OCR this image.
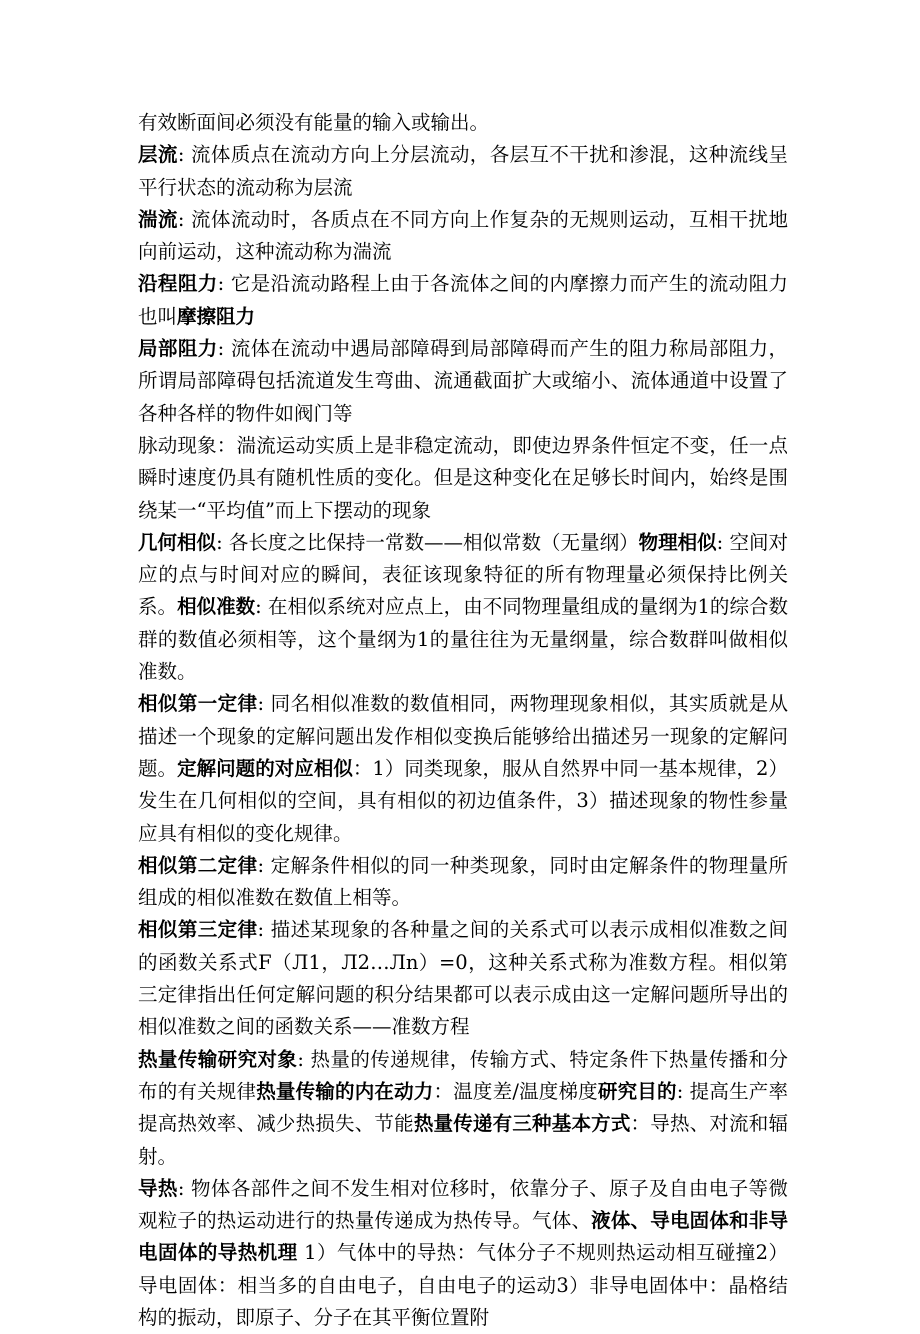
有效断面间必须没有能量的输入或输出。

层流: 流体质点在流动方向上分层流动，各层互不干扰和渗混，这种流线呈平行状态的流动称为层流

湍流: 流体流动时，各质点在不同方向上作复杂的无规则运动，互相干扰地向前运动，这种流动称为湍流

沿程阻力: 它是沿流动路程上由于各流体之间的内摩擦力而产生的流动阻力也叫摩擦阻力

局部阻力: 流体在流动中遇局部障碍到局部障碍而产生的阻力称局部阻力，所谓局部障碍包括流道发生弯曲、流通截面扩大或缩小、流体通道中设置了各种各样的物件如阀门等

脉动现象：湍流运动实质上是非稳定流动，即使边界条件恒定不变，任一点瞬时速度仍具有随机性质的变化。但是这种变化在足够长时间内，始终是围绕某一“平均值”而上下摆动的现象

几何相似: 各长度之比保持一常数——相似常数（无量纲）物理相似: 空间对应的点与时间对应的瞬间，表征该现象特征的所有物理量必须保持比例关系。相似准数: 在相似系统对应点上，由不同物理量组成的量纲为1的综合数群的数值必须相等，这个量纲为1的量往往为无量纲量，综合数群叫做相似准数。

相似第一定律: 同名相似准数的数值相同，两物理现象相似，其实质就是从描述一个现象的定解问题出发作相似变换后能够给出描述另一现象的定解问题。定解问题的对应相似：1）同类现象，服从自然界中同一基本规律，2）发生在几何相似的空间，具有相似的初边值条件，3）描述现象的物性参量应具有相似的变化规律。

相似第二定律: 定解条件相似的同一种类现象，同时由定解条件的物理量所组成的相似准数在数值上相等。

相似第三定律: 描述某现象的各种量之间的关系式可以表示成相似准数之间的函数关系式F（Л1，Л2…Лn）=0，这种关系式称为准数方程。相似第三定律指出任何定解问题的积分结果都可以表示成由这一定解问题所导出的相似准数之间的函数关系——准数方程

热量传输研究对象: 热量的传递规律，传输方式、特定条件下热量传播和分布的有关规律热量传输的内在动力：温度差/温度梯度研究目的: 提高生产率提高热效率、减少热损失、节能热量传递有三种基本方式：导热、对流和辐射。

导热: 物体各部件之间不发生相对位移时，依靠分子、原子及自由电子等微观粒子的热运动进行的热量传递成为热传导。气体、液体、导电固体和非导电固体的导热机理 1）气体中的导热：气体分子不规则热运动相互碰撞2）导电固体：相当多的自由电子，自由电子的运动3）非导电固体中：晶格结构的振动，即原子、分子在其平衡位置附
